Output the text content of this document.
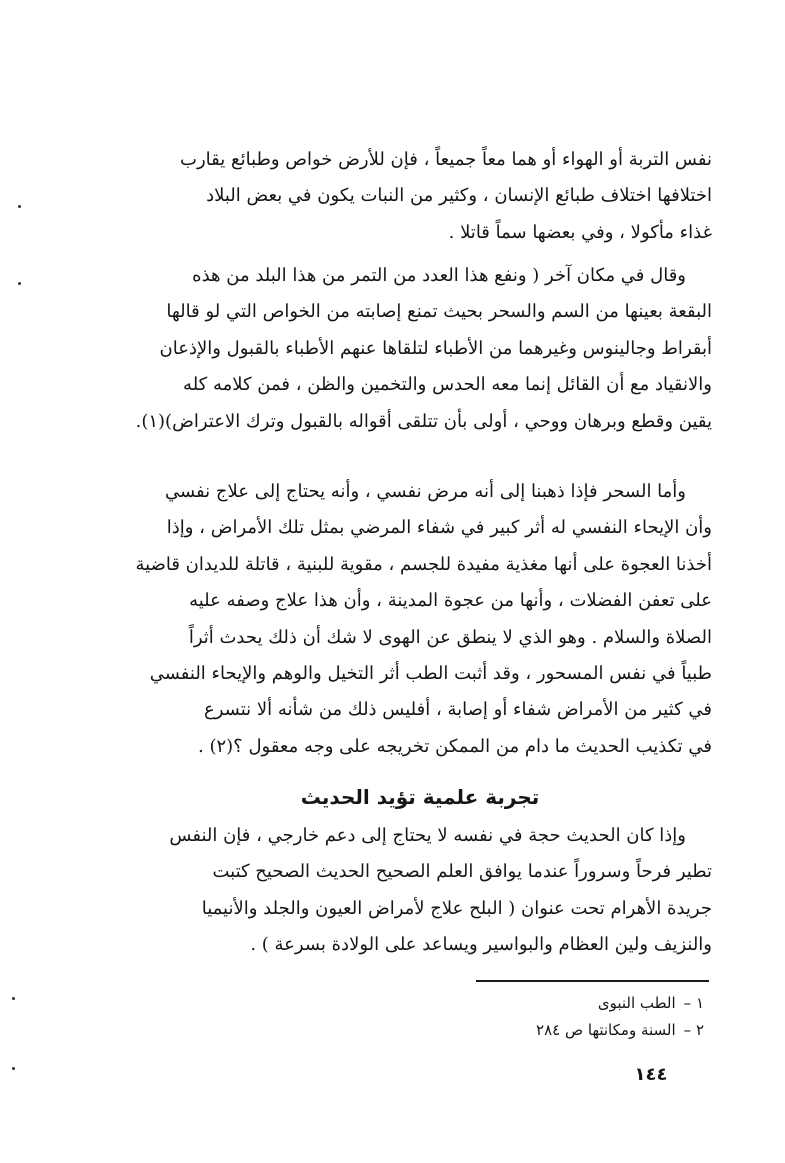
نفس التربة أو الهواء أو هما معاً جميعاً ، فإن للأرض خواص وطبائع يقارب
اختلافها اختلاف طبائع الإنسان ، وكثير من النبات يكون في بعض البلاد
غذاء مأكولا ، وفي بعضها سماً قاتلا .
وقال في مكان آخر ( ونفع هذا العدد من التمر من هذا البلد من هذه
البقعة بعينها من السم والسحر بحيث تمنع إصابته من الخواص التي لو قالها
أبقراط وجالينوس وغيرهما من الأطباء لتلقاها عنهم الأطباء بالقبول والإذعان
والانقياد مع أن القائل إنما معه الحدس والتخمين والظن ، فمن كلامه كله
يقين وقطع وبرهان ووحي ، أولى بأن تتلقى أقواله بالقبول وترك الاعتراض)(١).
وأما السحر فإذا ذهبنا إلى أنه مرض نفسي ، وأنه يحتاج إلى علاج نفسي
وأن الإيحاء النفسي له أثر كبير في شفاء المرضي بمثل تلك الأمراض ، وإذا
أخذنا العجوة على أنها مغذية مفيدة للجسم ، مقوية للبنية ، قاتلة للديدان قاضية
على تعفن الفضلات ، وأنها من عجوة المدينة ، وأن هذا علاج وصفه عليه
الصلاة والسلام . وهو الذي لا ينطق عن الهوى لا شك أن ذلك يحدث أثراً
طبياً في نفس المسحور ، وقد أثبت الطب أثر التخيل والوهم والإيحاء النفسي
في كثير من الأمراض شفاء أو إصابة ، أفليس ذلك من شأنه ألا نتسرع
في تكذيب الحديث ما دام من الممكن تخريجه على وجه معقول ؟(٢) .
تجربة علمية تؤيد الحديث
وإذا كان الحديث حجة في نفسه لا يحتاج إلى دعم خارجي ، فإن النفس
تطير فرحاً وسروراً عندما يوافق العلم الصحيح الحديث الصحيح كتبت
جريدة الأهرام تحت عنوان ( البلح علاج لأمراض العيون والجلد والأنيميا
والنزيف ولين العظام والبواسير ويساعد على الولادة بسرعة ) .
١ –الطب النبوى
٢ –السنة ومكانتها ص ٢٨٤
١٤٤
